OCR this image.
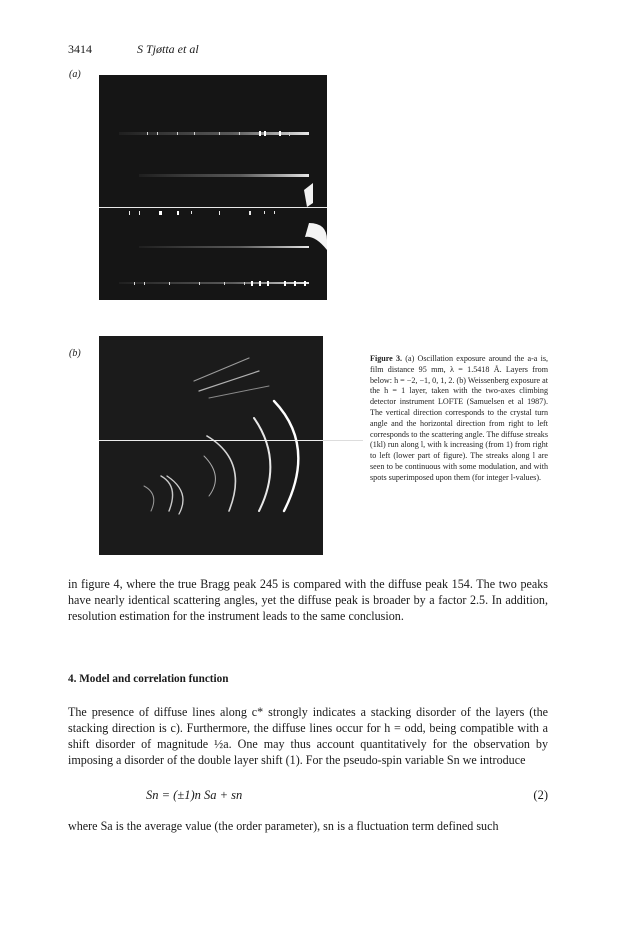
3414	S Tjøtta et al
(a)
(b)	Figure 3. (a) Oscillation exposure around the a-a is, film distance 95 mm, λ = 1.5418 Å. Layers from below: h = −2, −1, 0, 1, 2. (b) Weissenberg exposure at the h = 1 layer, taken with the two-axes climbing detector instrument LOFTE (Samuelsen et al 1987). The vertical direction corresponds to the crystal turn angle and the horizontal direction from right to left corresponds to the scattering angle. The diffuse streaks (1kl) run along l, with k increasing (from 1) from right to left (lower part of figure). The streaks along l are seen to be continuous with some modulation, and with spots superimposed upon them (for integer l-values).
in figure 4, where the true Bragg peak 245 is compared with the diffuse peak 154. The two peaks have nearly identical scattering angles, yet the diffuse peak is broader by a factor 2.5. In addition, resolution estimation for the instrument leads to the same conclusion.
4. Model and correlation function
The presence of diffuse lines along c* strongly indicates a stacking disorder of the layers (the stacking direction is c). Furthermore, the diffuse lines occur for h = odd, being compatible with a shift disorder of magnitude ½a. One may thus account quantitatively for the observation by imposing a disorder of the double layer shift (1). For the pseudo-spin variable Sn we introduce
Sn = (±1)n Sa + sn	(2)
where Sa is the average value (the order parameter), sn is a fluctuation term defined such
